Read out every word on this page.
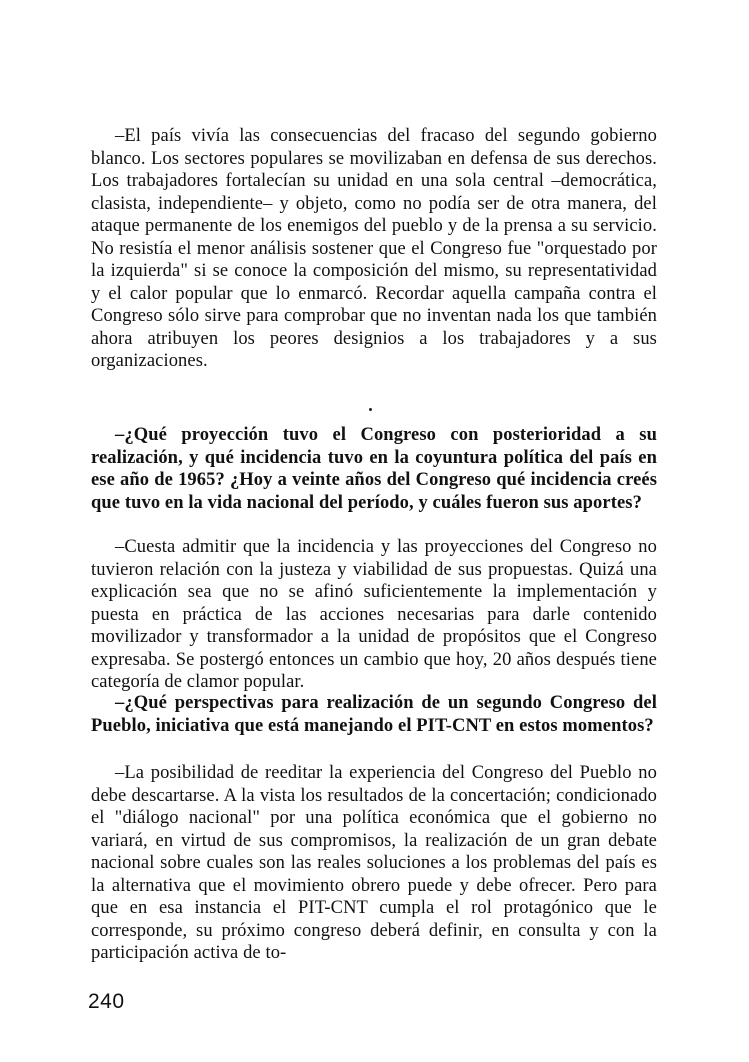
–El país vivía las consecuencias del fracaso del segundo gobierno blanco. Los sectores populares se movilizaban en defensa de sus derechos. Los trabajadores fortalecían su unidad en una sola central –democrática, clasista, independiente– y objeto, como no podía ser de otra manera, del ataque permanente de los enemigos del pueblo y de la prensa a su servicio. No resistía el menor análisis sostener que el Congreso fue "orquestado por la izquierda" si se conoce la composición del mismo, su representatividad y el calor popular que lo enmarcó. Recordar aquella campaña contra el Congreso sólo sirve para comprobar que no inventan nada los que también ahora atribuyen los peores designios a los trabajadores y a sus organizaciones.

–¿Qué proyección tuvo el Congreso con posterioridad a su realización, y qué incidencia tuvo en la coyuntura política del país en ese año de 1965? ¿Hoy a veinte años del Congreso qué incidencia creés que tuvo en la vida nacional del período, y cuáles fueron sus aportes?

–Cuesta admitir que la incidencia y las proyecciones del Congreso no tuvieron relación con la justeza y viabilidad de sus propuestas. Quizá una explicación sea que no se afinó suficientemente la implementación y puesta en práctica de las acciones necesarias para darle contenido movilizador y transformador a la unidad de propósitos que el Congreso expresaba. Se postergó entonces un cambio que hoy, 20 años después tiene categoría de clamor popular.

–¿Qué perspectivas para realización de un segundo Congreso del Pueblo, iniciativa que está manejando el PIT-CNT en estos momentos?

–La posibilidad de reeditar la experiencia del Congreso del Pueblo no debe descartarse. A la vista los resultados de la concertación; condicionado el "diálogo nacional" por una política económica que el gobierno no variará, en virtud de sus compromisos, la realización de un gran debate nacional sobre cuales son las reales soluciones a los problemas del país es la alternativa que el movimiento obrero puede y debe ofrecer. Pero para que en esa instancia el PIT-CNT cumpla el rol protagónico que le corresponde, su próximo congreso deberá definir, en consulta y con la participación activa de to-

240
